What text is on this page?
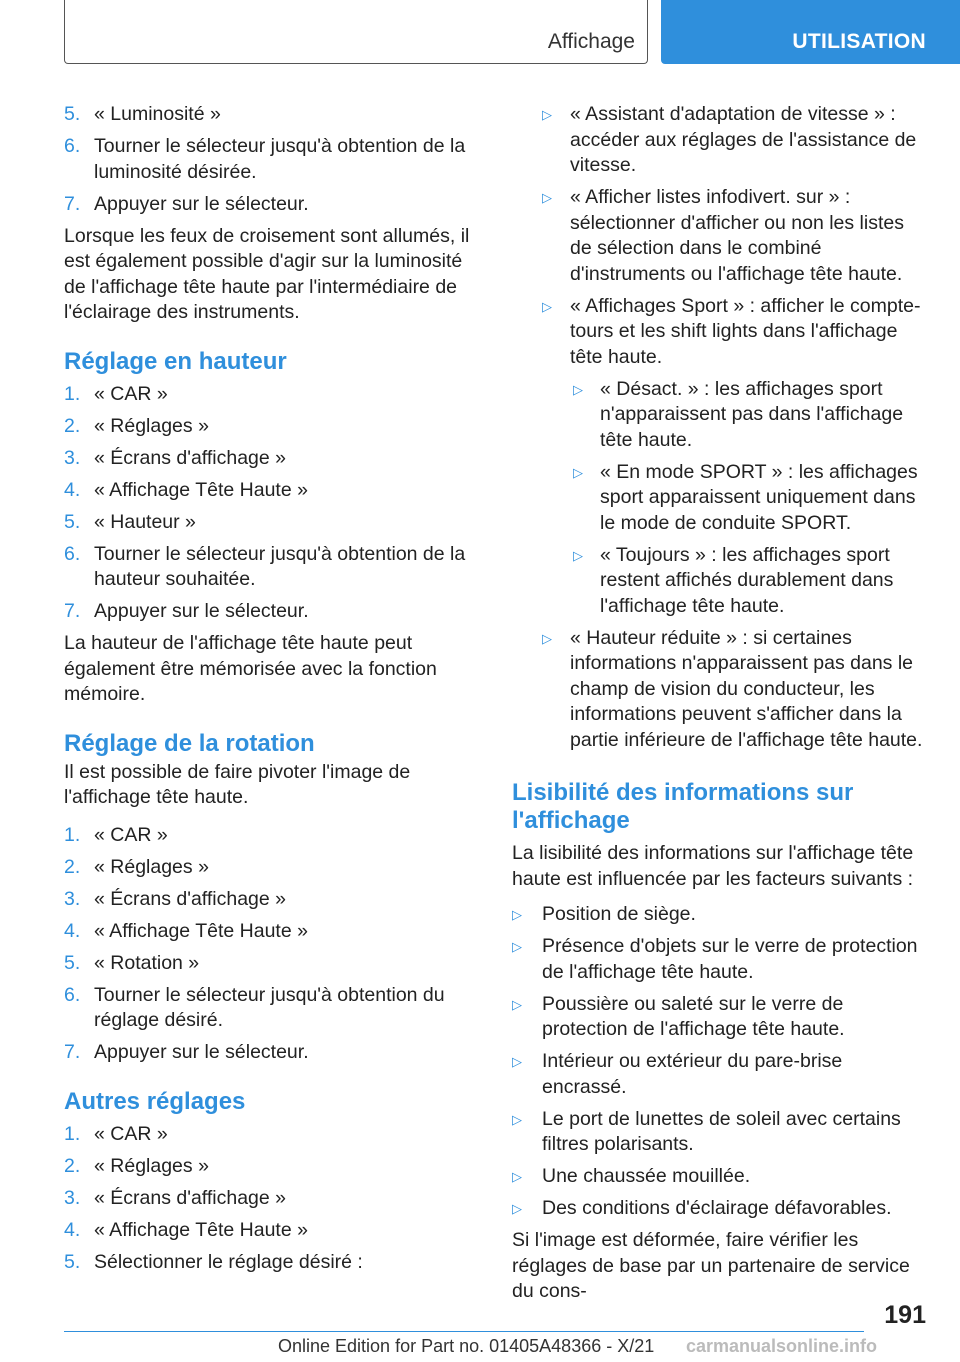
Affichage	UTILISATION
5. « Luminosité »
6. Tourner le sélecteur jusqu'à obtention de la luminosité désirée.
7. Appuyer sur le sélecteur.

Lorsque les feux de croisement sont allumés, il est également possible d'agir sur la luminosité de l'affichage tête haute par l'intermédiaire de l'éclairage des instruments.

Réglage en hauteur
1. « CAR »
2. « Réglages »
3. « Écrans d'affichage »
4. « Affichage Tête Haute »
5. « Hauteur »
6. Tourner le sélecteur jusqu'à obtention de la hauteur souhaitée.
7. Appuyer sur le sélecteur.

La hauteur de l'affichage tête haute peut également être mémorisée avec la fonction mémoire.

Réglage de la rotation

Il est possible de faire pivoter l'image de l'affichage tête haute.

1. « CAR »
2. « Réglages »
3. « Écrans d'affichage »
4. « Affichage Tête Haute »
5. « Rotation »
6. Tourner le sélecteur jusqu'à obtention du réglage désiré.
7. Appuyer sur le sélecteur.
Autres réglages
1. « CAR »
2. « Réglages »
3. « Écrans d'affichage »
4. « Affichage Tête Haute »
5. Sélectionner le réglage désiré :
▷ « Assistant d'adaptation de vitesse » : accéder aux réglages de l'assistance de vitesse.
▷ « Afficher listes infodivert. sur » : sélectionner d'afficher ou non les listes de sélection dans le combiné d'instruments ou l'affichage tête haute.
▷ « Affichages Sport » : afficher le compte-tours et les shift lights dans l'affichage tête haute.
▷ « Désact. » : les affichages sport n'apparaissent pas dans l'affichage tête haute.
▷ « En mode SPORT » : les affichages sport apparaissent uniquement dans le mode de conduite SPORT.
▷ « Toujours » : les affichages sport restent affichés durablement dans l'affichage tête haute.
▷ « Hauteur réduite » : si certaines informations n'apparaissent pas dans le champ de vision du conducteur, les informations peuvent s'afficher dans la partie inférieure de l'affichage tête haute.
Lisibilité des informations sur l'affichage

La lisibilité des informations sur l'affichage tête haute est influencée par les facteurs suivants :

▷ Position de siège.
▷ Présence d'objets sur le verre de protection de l'affichage tête haute.
▷ Poussière ou saleté sur le verre de protection de l'affichage tête haute.
▷ Intérieur ou extérieur du pare-brise encrassé.
▷ Le port de lunettes de soleil avec certains filtres polarisants.
▷ Une chaussée mouillée.
▷ Des conditions d'éclairage défavorables.

Si l'image est déformée, faire vérifier les réglages de base par un partenaire de service du cons-

191
Online Edition for Part no. 01405A48366 - X/21 carmanualsonline.info
